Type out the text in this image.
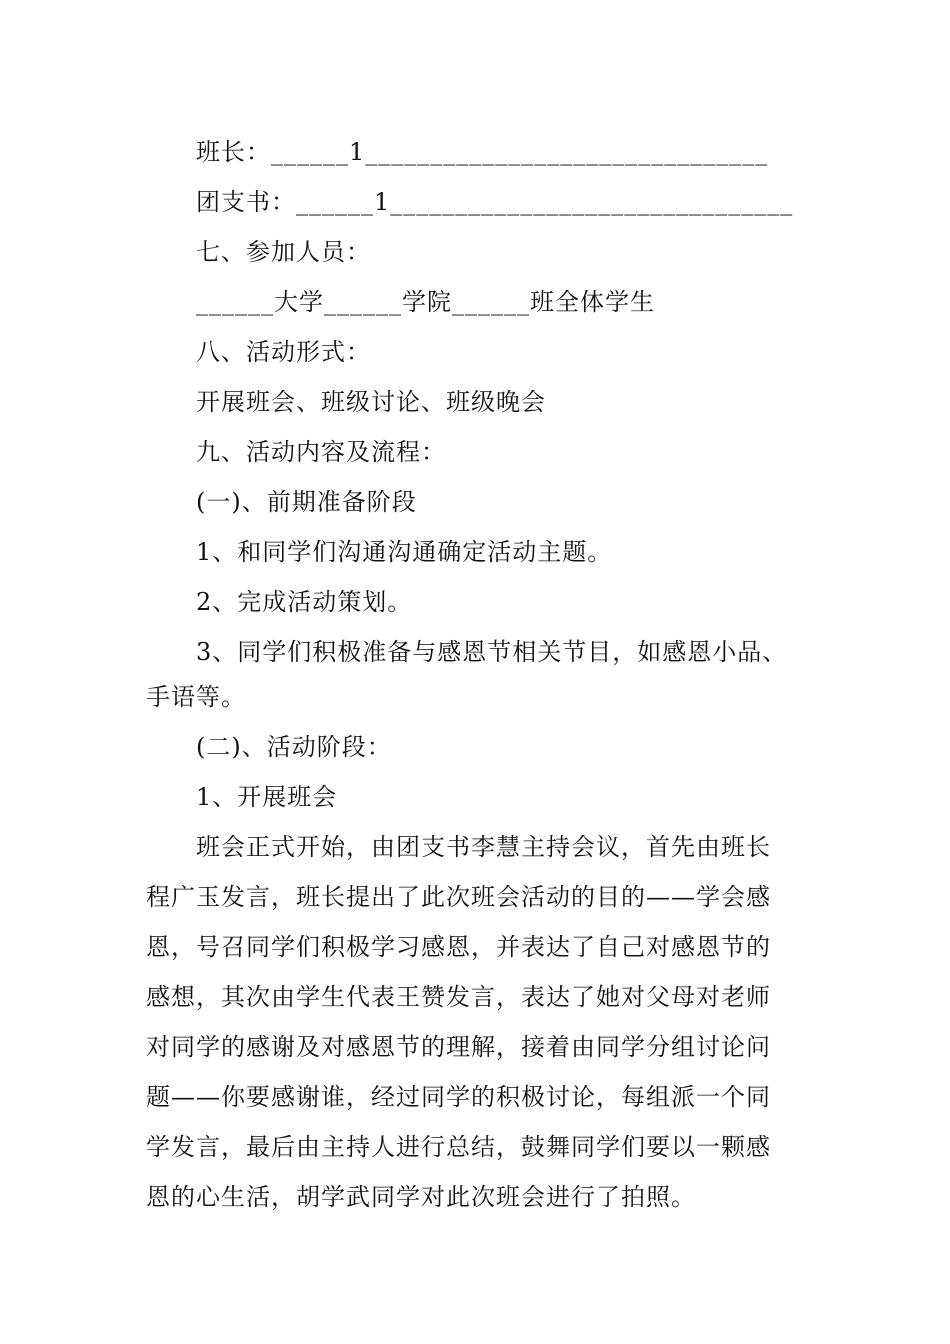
班长：______1_______________________________
团支书：______1_______________________________
七、参加人员：
______大学______学院______班全体学生
八、活动形式：
开展班会、班级讨论、班级晚会
九、活动内容及流程：
(一)、前期准备阶段
1、和同学们沟通沟通确定活动主题。
2、完成活动策划。
3、同学们积极准备与感恩节相关节目，如感恩小品、
手语等。
(二)、活动阶段：
1、开展班会
班会正式开始，由团支书李慧主持会议，首先由班长
程广玉发言，班长提出了此次班会活动的目的——学会感
恩，号召同学们积极学习感恩，并表达了自己对感恩节的
感想，其次由学生代表王赞发言，表达了她对父母对老师
对同学的感谢及对感恩节的理解，接着由同学分组讨论问
题——你要感谢谁，经过同学的积极讨论，每组派一个同
学发言，最后由主持人进行总结，鼓舞同学们要以一颗感
恩的心生活，胡学武同学对此次班会进行了拍照。
